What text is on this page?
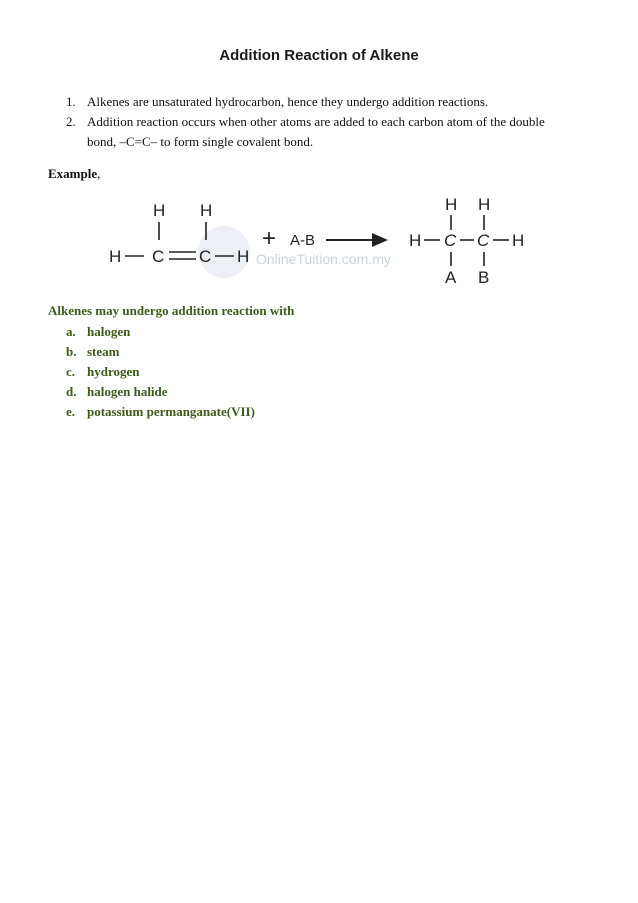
Addition Reaction of Alkene
1. Alkenes are unsaturated hydrocarbon, hence they undergo addition reactions.
2. Addition reaction occurs when other atoms are added to each carbon atom of the double bond, –C=C– to form single covalent bond.
Example,
OnlineTuition.com.my
H H
H C C H
+ A-B
H H
H C C H
A B
Alkenes may undergo addition reaction with
a. halogen
b. steam
c. hydrogen
d. halogen halide
e. potassium permanganate(VII)
